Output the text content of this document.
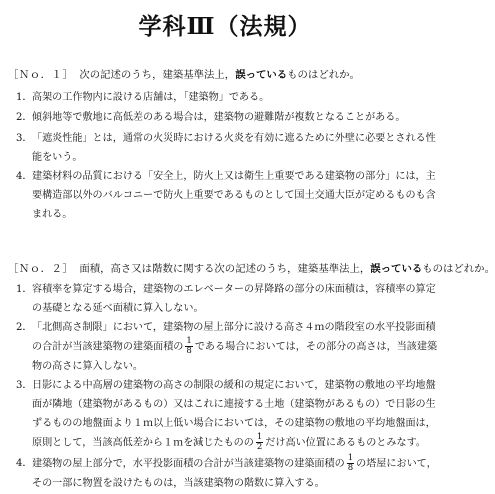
学科Ⅲ（法規）
［Ｎｏ．１］ 次の記述のうち，建築基準法上，誤っているものはどれか。
1． 高架の工作物内に設ける店舗は，「建築物」である。
2． 傾斜地等で敷地に高低差のある場合は，建築物の避難階が複数となることがある。
3． 「遮炎性能」とは，通常の火災時における火炎を有効に遮るために外壁に必要とされる性能をいう。
4． 建築材料の品質における「安全上，防火上又は衛生上重要である建築物の部分」には，主要構造部以外のバルコニーで防火上重要であるものとして国土交通大臣が定めるものも含まれる。
［Ｎｏ．２］ 面積，高さ又は階数に関する次の記述のうち，建築基準法上，誤っているものはどれか。
1． 容積率を算定する場合，建築物のエレベーターの昇降路の部分の床面積は，容積率の算定の基礎となる延べ面積に算入しない。
2． 「北側高さ制限」において，建築物の屋上部分に設ける高さ４ｍの階段室の水平投影面積の合計が当該建築物の建築面積の $\frac{1}{8}$ である場合においては，その部分の高さは，当該建築物の高さに算入しない。
3． 日影による中高層の建築物の高さの制限の緩和の規定において，建築物の敷地の平均地盤面が隣地（建築物があるもの）又はこれに連接する土地（建築物があるもの）で日影の生ずるものの地盤面より１ｍ以上低い場合においては，その建築物の敷地の平均地盤面は，原則として，当該高低差から１ｍを減じたものの $\frac{1}{2}$ だけ高い位置にあるものとみなす。
4． 建築物の屋上部分で，水平投影面積の合計が当該建築物の建築面積の $\frac{1}{8}$ の塔屋において，その一部に物置を設けたものは，当該建築物の階数に算入する。
